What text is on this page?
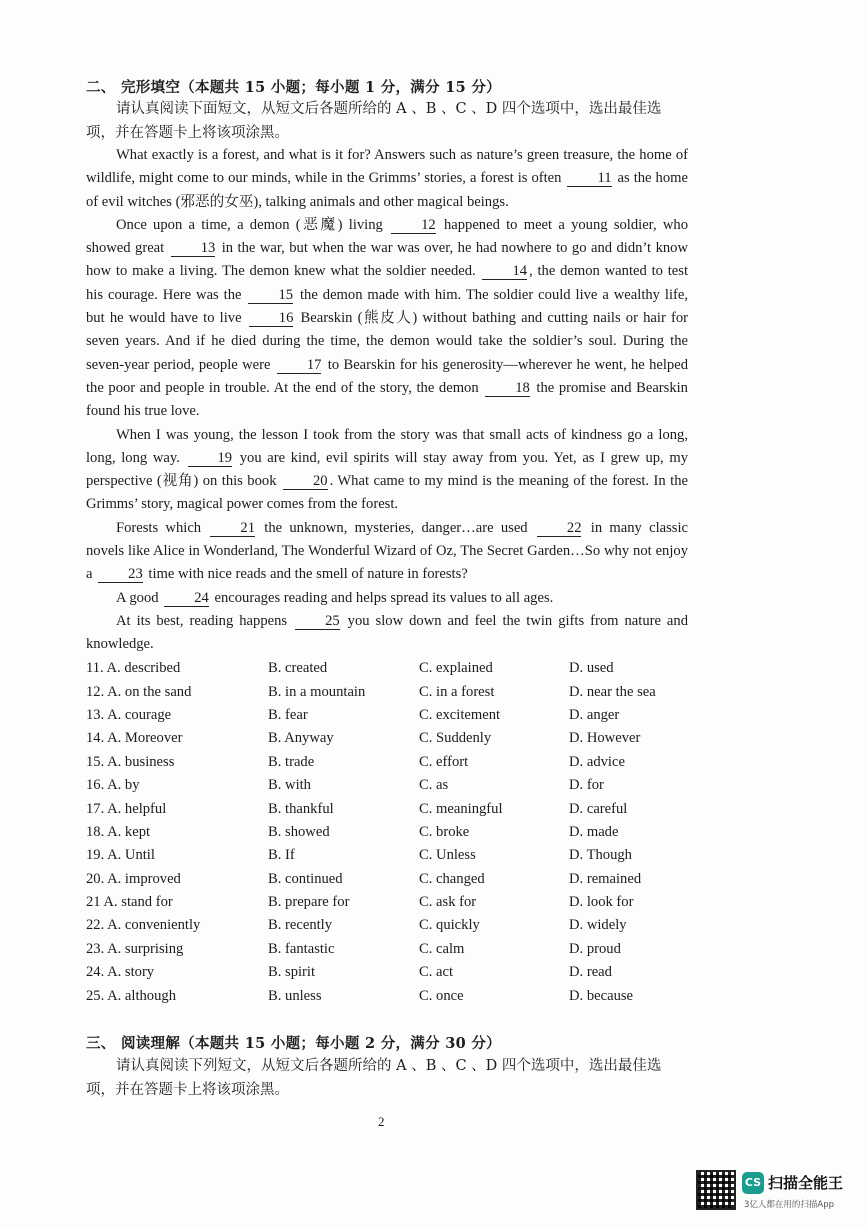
二、 完形填空（本题共 15 小题；每小题 1 分，满分 15 分）
请认真阅读下面短文，从短文后各题所给的 A 、B 、C 、D 四个选项中，选出最佳选
项，并在答题卡上将该项涂黑。

What exactly is a forest, and what is it for? Answers such as nature’s green treasure, the home of wildlife, might come to our minds, while in the Grimms’ stories, a forest is often 11 as the home of evil witches (邪恶的女巫), talking animals and other magical beings.

Once upon a time, a demon (恶魔) living	12 happened to meet a young soldier, who showed great 13 in the war, but when the war was over, he had nowhere to go and didn’t know how to make a living. The demon knew what the soldier needed.	14 , the demon wanted to test his courage. Here was the	15 the demon made with him. The soldier could live a wealthy life, but he would have to live	16 Bearskin (熊皮人) without bathing and cutting nails or hair for seven years. And if he died during the time, the demon would take the soldier’s soul. During the seven-year period, people were 17 to Bearskin for his generosity—wherever he went, he helped the poor and people in trouble. At the end of the story, the demon	18 the promise and Bearskin found his true love.

When I was young, the lesson I took from the story was that small acts of kindness go a long, long, long way.	19 you are kind, evil spirits will stay away from you. Yet, as I grew up, my perspective (视角) on this book 20 . What came to my mind is the meaning of the forest. In the Grimms’ story, magical power comes from the forest.

Forests which	21 the unknown, mysteries, danger…are used	22 in many classic novels like Alice in Wonderland, The Wonderful Wizard of Oz, The Secret Garden…So why not enjoy a 23 time with nice reads and the smell of nature in forests?

A good 24 encourages reading and helps spread its values to all ages.

At its best, reading happens	25 you slow down and feel the twin gifts from nature and knowledge.

11. A. described	B. created	C. explained	D. used
12. A. on the sand	B. in a mountain	C. in a forest	D. near the sea
13. A. courage	B. fear	C. excitement	D. anger
14. A. Moreover	B. Anyway	C. Suddenly	D. However
15. A. business	B. trade	C. effort	D. advice
16. A. by	B. with	C. as	D. for
17. A. helpful	B. thankful	C. meaningful	D. careful
18. A. kept	B. showed	C. broke	D. made
19. A. Until	B. If	C. Unless	D. Though
20. A. improved	B. continued	C. changed	D. remained
21 A. stand for	B. prepare for	C. ask for	D. look for
22. A. conveniently	B. recently	C. quickly	D. widely
23. A. surprising	B. fantastic	C. calm	D. proud
24. A. story	B. spirit	C. act	D. read
25. A. although	B. unless	C. once	D. because
三、 阅读理解（本题共 15 小题；每小题 2 分，满分 30 分）
请认真阅读下列短文，从短文后各题所给的 A 、B 、C 、D 四个选项中，选出最佳选
项，并在答题卡上将该项涂黑。
2
CS 扫描全能王
3亿人都在用的扫描App
